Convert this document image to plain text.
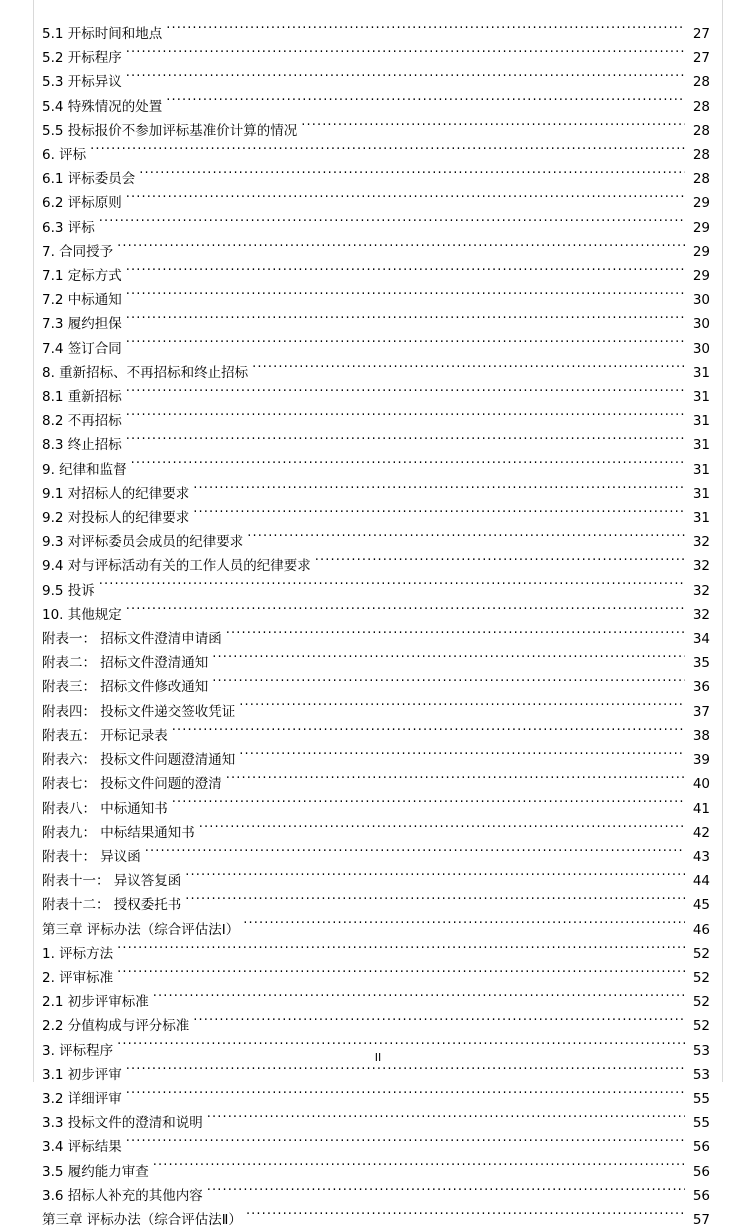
5.1 开标时间和地点 .....	27
5.2 开标程序 .....	27
5.3 开标异议 .....	28
5.4 特殊情况的处置 .....	28
5.5 投标报价不参加评标基准价计算的情况 .....	28
6. 评标 .....	28
6.1 评标委员会 .....	28
6.2 评标原则 .....	29
6.3 评标 .....	29
7. 合同授予 .....	29
7.1 定标方式 .....	29
7.2 中标通知 .....	30
7.3 履约担保 .....	30
7.4 签订合同 .....	30
8. 重新招标、不再招标和终止招标 .....	31
8.1 重新招标 .....	31
8.2 不再招标 .....	31
8.3 终止招标 .....	31
9. 纪律和监督 .....	31
9.1 对招标人的纪律要求 .....	31
9.2 对投标人的纪律要求 .....	31
9.3 对评标委员会成员的纪律要求 .....	32
9.4 对与评标活动有关的工作人员的纪律要求 .....	32
9.5 投诉 .....	32
10. 其他规定 .....	32
附表一： 招标文件澄清申请函 .....	34
附表二： 招标文件澄清通知 .....	35
附表三： 招标文件修改通知 .....	36
附表四： 投标文件递交签收凭证 .....	37
附表五： 开标记录表 .....	38
附表六： 投标文件问题澄清通知 .....	39
附表七： 投标文件问题的澄清 .....	40
附表八： 中标通知书 .....	41
附表九： 中标结果通知书 .....	42
附表十： 异议函 .....	43
附表十一： 异议答复函 .....	44
附表十二： 授权委托书 .....	45
第三章 评标办法（综合评估法Ⅰ） .....	46
1. 评标方法 .....	52
2. 评审标准 .....	52
2.1 初步评审标准 .....	52
2.2 分值构成与评分标准 .....	52
3. 评标程序 .....	53
3.1 初步评审 .....	53
3.2 详细评审 .....	55
3.3 投标文件的澄清和说明 .....	55
3.4 评标结果 .....	56
3.5 履约能力审查 .....	56
3.6 招标人补充的其他内容 .....	56
第三章 评标办法（综合评估法Ⅱ） .....	57
II
